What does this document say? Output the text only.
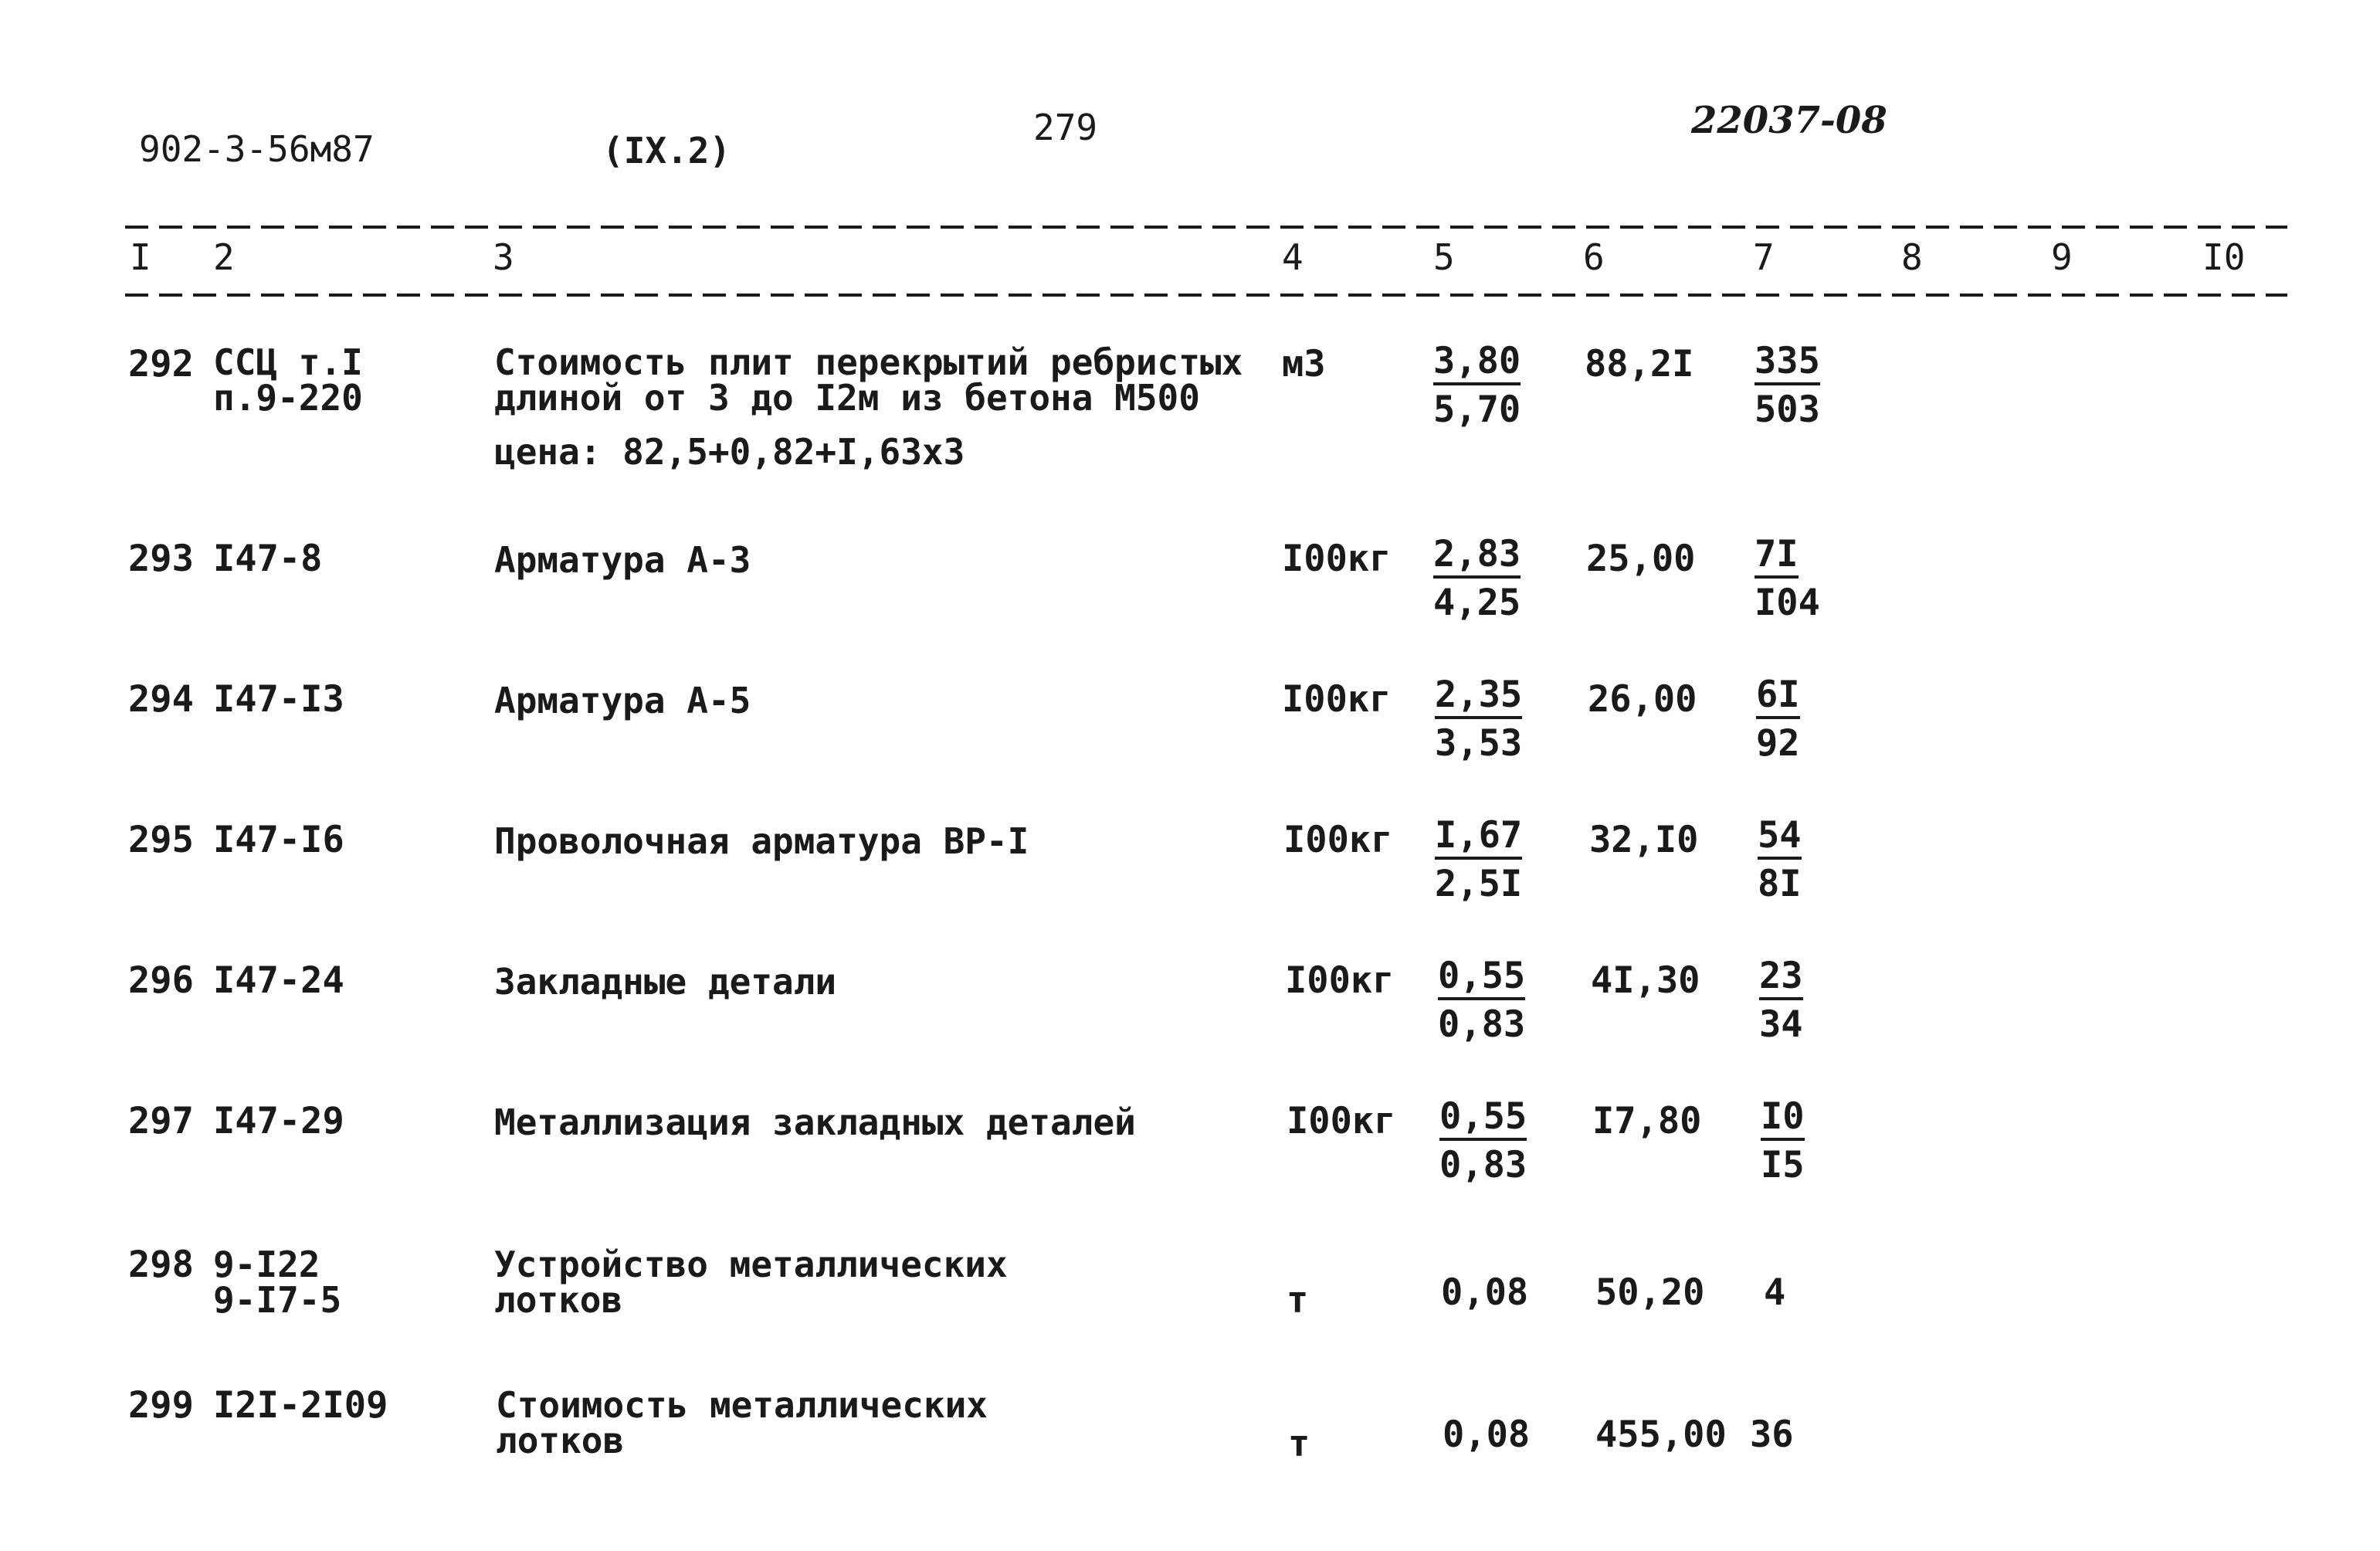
902-3-56м87	(IX.2)
279	22037-08
I 2	3	4	5	6	7	8	9	I0
292 ССЦ т.I
п.9-220
Стоимость плит перекрытий ребристых
длиной от 3 до I2м из бетона М500
цена: 82,5+0,82+I,63х3
м3	$\frac{3,80}{5,70} 88,2I \frac{335}{503}$
293 I47-8	Арматура А-3	$I00кг \frac{2,83}{4,25} 25,00 \frac{7I}{I04}$
294 I47-I3	Арматура А-5	$I00кг \frac{2,35}{3,53} 26,00 \frac{6I}{92}$
295 I47-I6	Проволочная арматура ВР-I	$I00кг \frac{I,67}{2,5I} 32,I0 \frac{54}{8I}$
296 I47-24	Закладные детали	$I00кг \frac{0,55}{0,83} 4I,30 \frac{23}{34}$
297 I47-29	Металлизация закладных деталей	$I00кг \frac{0,55}{0,83} I7,80 \frac{I0}{I5}$
298 9-I22
9-I7-5
Устройство металлических
лотков	т	0,08 50,20 4
299 I2I-2I09	Стоимость металлических
лотков	т	0,08 455,00 36
